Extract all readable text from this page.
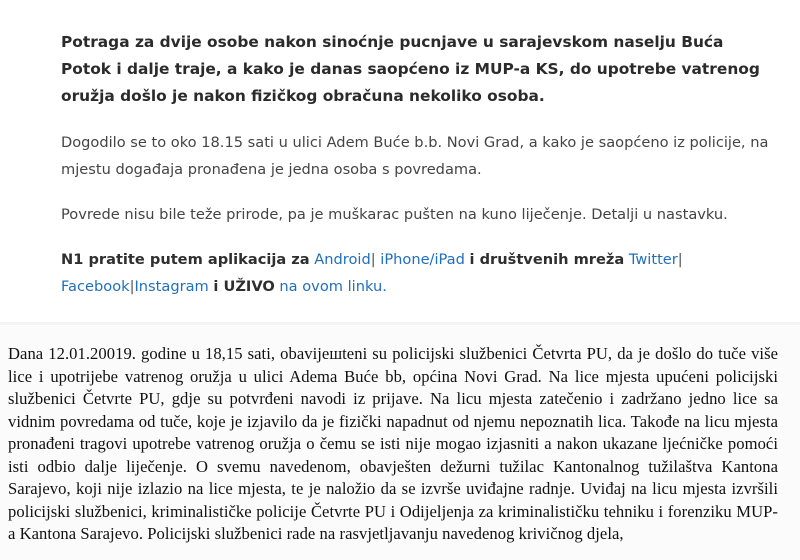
Potraga za dvije osobe nakon sinoćnje pucnjave u sarajevskom naselju Buća Potok i dalje traje, a kako je danas saopćeno iz MUP-a KS, do upotrebe vatrenog oružja došlo je nakon fizičkog obračuna nekoliko osoba.

Dogodilo se to oko 18.15 sati u ulici Adem Buće b.b. Novi Grad, a kako je saopćeno iz policije, na mjestu događaja pronađena je jedna osoba s povredama.

Povrede nisu bile teže prirode, pa je muškarac pušten na kuno liječenje. Detalji u nastavku.

N1 pratite putem aplikacija za Android| iPhone/iPad i društvenih mreža Twitter|
Facebook|Instagram i UŽIVO na ovom linku.

Dana 12.01.20019. godine u 18,15 sati, obavijешteni su policijski službenici Četvrta PU, da je došlo do tuče više lice i upotrijebe vatrenog oružja u ulici Adema Buće bb, općina Novi Grad. Na lice mjesta upućeni policijski službenici Četvrte PU, gdje su potvrđeni navodi iz prijave. Na licu mjesta zatečenio i zadržano jedno lice sa vidnim povredama od tuče, koje je izjavilo da je fizički napadnut od njemu nepoznatih lica. Takođe na licu mjesta pronađeni tragovi upotrebe vatrenog oružja o čemu se isti nije mogao izjasniti a nakon ukazane ljećničke pomoći isti odbio dalje liječenje. O svemu navedenom, obavješten dežurni tužilac Kantonalnog tužilaštva Kantona Sarajevo, koji nije izlazio na lice mjesta, te je naložio da se izvrše uviđajne radnje. Uviđaj na licu mjesta izvršili policijski službenici, kriminalističke policije Četvrte PU i Odijeljenja za kriminalističku tehniku i forenziku MUP-a Kantona Sarajevo. Policijski službenici rade na rasvjetljavanju navedenog krivičnog djela,
